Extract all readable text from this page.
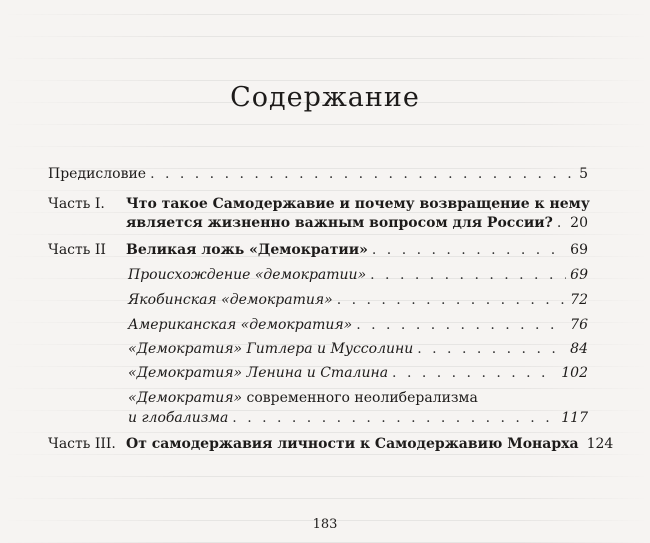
Содержание
Предисловие . . .	5
Часть I.	Что такое Самодержавие и почему возвращение к нему
является жизненно важным вопросом для России? . . . 20
Часть II	Великая ложь «Демократии» . . .	69
Происхождение «демократии» . . .	69
Якобинская «демократия» . . .	72
Американская «демократия» . . .	76
«Демократия» Гитлера и Муссолини . . .	84
«Демократия» Ленина и Сталина . . .	102
«Демократия» современного неолиберализма
и глобализма . . .	117
Часть III. От самодержавия личности к Самодержавию Монарха 124
183
